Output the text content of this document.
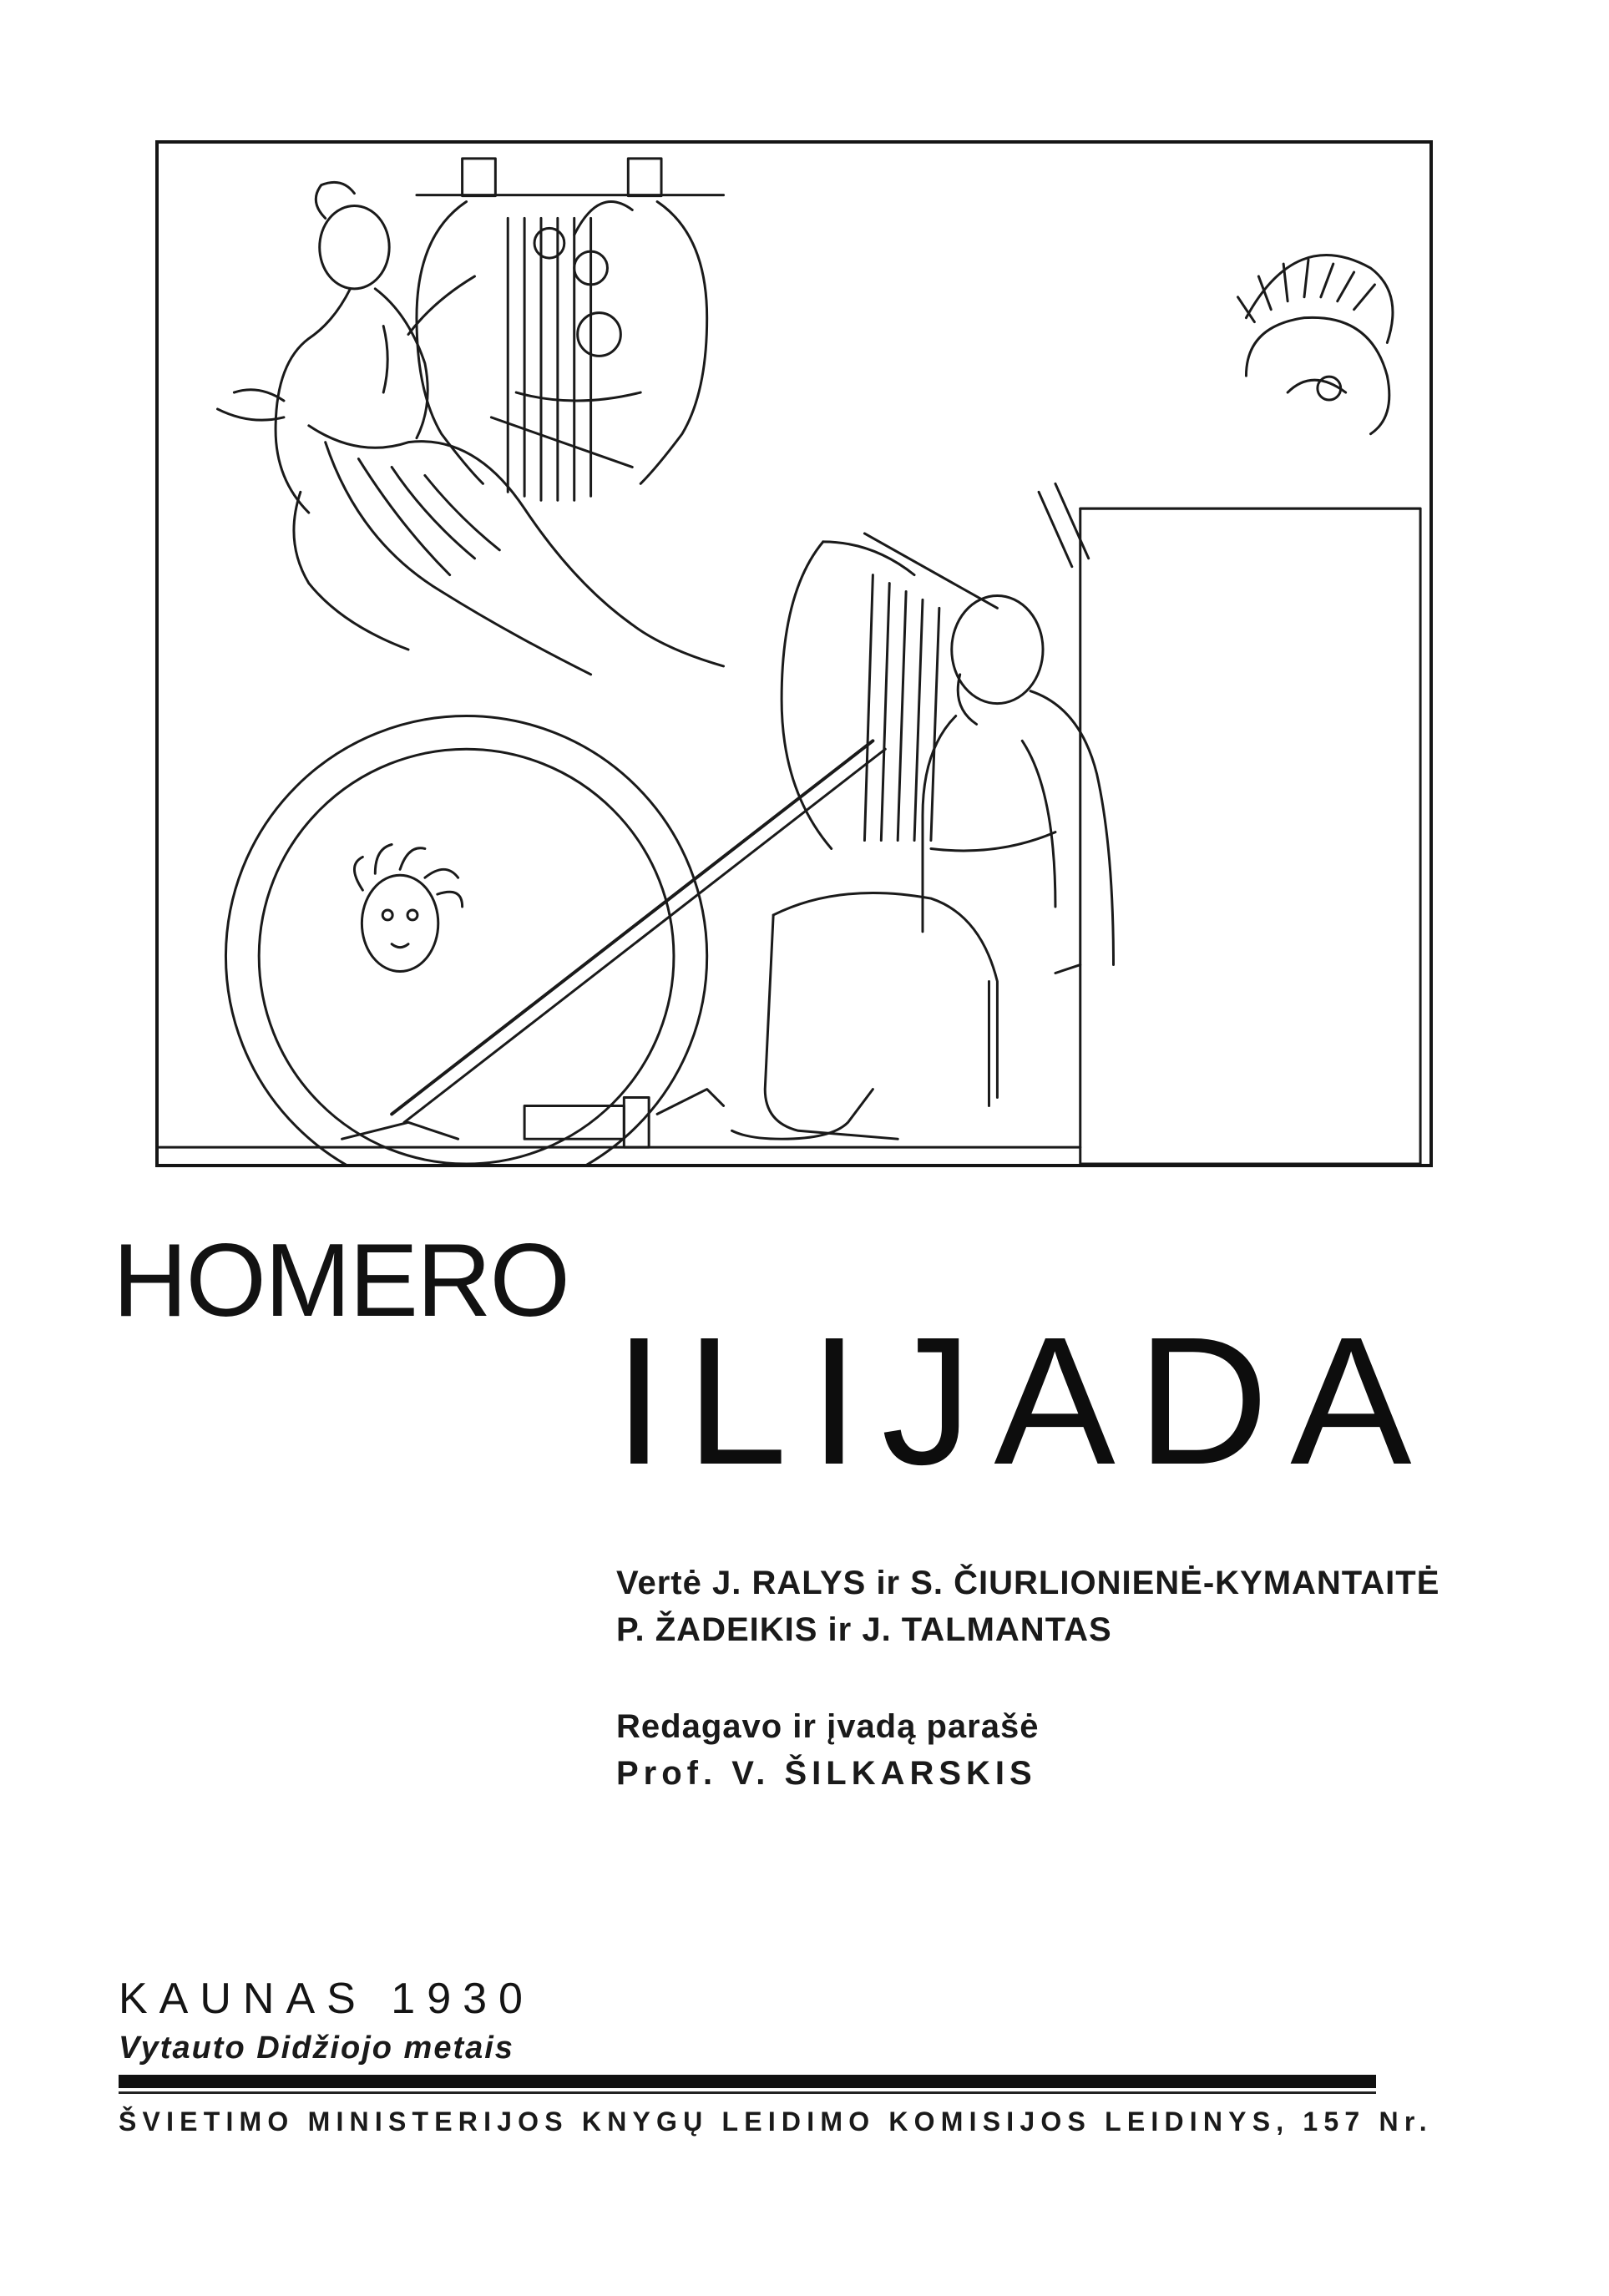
HOMERO
ILIJADA
Vertė J. RALYS ir S. ČIURLIONIENĖ-KYMANTAITĖ
P. ŽADEIKIS ir J. TALMANTAS
Redagavo ir įvadą parašė
Prof. V. ŠILKARSKIS
KAUNAS 1930
Vytauto Didžiojo metais
ŠVIETIMO MINISTERIJOS KNYGŲ LEIDIMO KOMISIJOS LEIDINYS, 157 Nr.
